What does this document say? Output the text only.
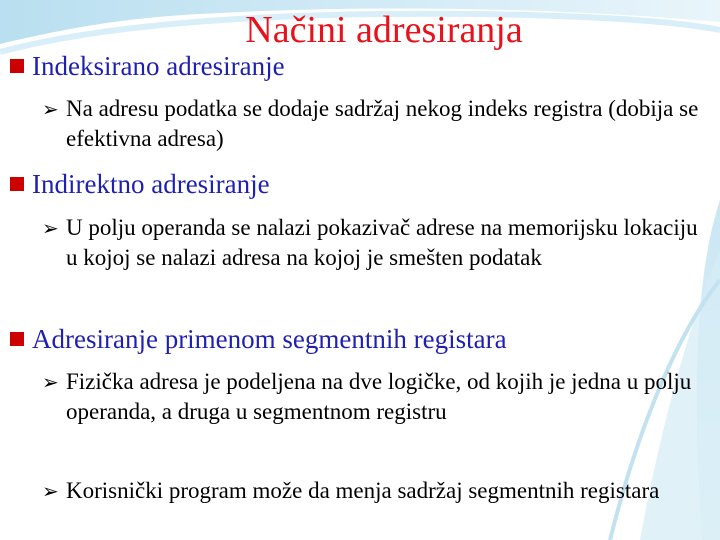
Načini adresiranja
Indeksirano adresiranje
➢ Na adresu podatka se dodaje sadržaj nekog indeks registra (dobija se efektivna adresa)
Indirektno adresiranje
➢ U polju operanda se nalazi pokazivač adrese na memorijsku lokaciju u kojoj se nalazi adresa na kojoj je smešten podatak
Adresiranje primenom segmentnih registara
➢ Fizička adresa je podeljena na dve logičke, od kojih je jedna u polju operanda, a druga u segmentnom registru
➢ Korisnički program može da menja sadržaj segmentnih registara
